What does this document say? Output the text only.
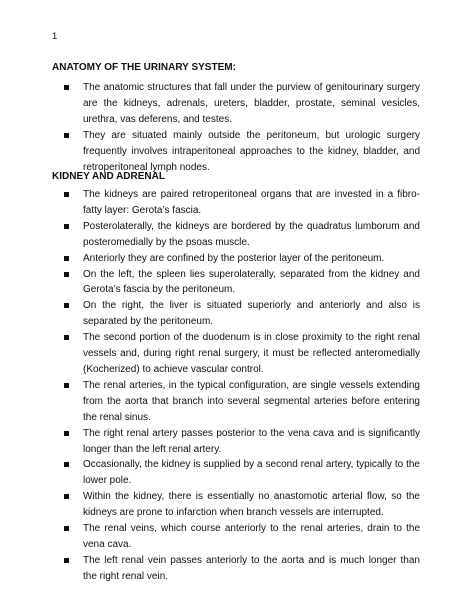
1
ANATOMY OF THE URINARY SYSTEM:
The anatomic structures that fall under the purview of genitourinary surgery are the kidneys, adrenals, ureters, bladder, prostate, seminal vesicles, urethra, vas deferens, and testes.
They are situated mainly outside the peritoneum, but urologic surgery frequently involves intraperitoneal approaches to the kidney, bladder, and retroperitoneal lymph nodes.
KIDNEY AND ADRENAL
The kidneys are paired retroperitoneal organs that are invested in a fibro-fatty layer: Gerota’s fascia.
Posterolaterally, the kidneys are bordered by the quadratus lumborum and posteromedially by the psoas muscle.
Anteriorly they are confined by the posterior layer of the peritoneum.
On the left, the spleen lies superolaterally, separated from the kidney and Gerota’s fascia by the peritoneum.
On the right, the liver is situated superiorly and anteriorly and also is separated by the peritoneum.
The second portion of the duodenum is in close proximity to the right renal vessels and, during right renal surgery, it must be reflected anteromedially (Kocherized) to achieve vascular control.
The renal arteries, in the typical configuration, are single vessels extending from the aorta that branch into several segmental arteries before entering the renal sinus.
The right renal artery passes posterior to the vena cava and is significantly longer than the left renal artery.
Occasionally, the kidney is supplied by a second renal artery, typically to the lower pole.
Within the kidney, there is essentially no anastomotic arterial flow, so the kidneys are prone to infarction when branch vessels are interrupted.
The renal veins, which course anteriorly to the renal arteries, drain to the vena cava.
The left renal vein passes anteriorly to the aorta and is much longer than the right renal vein.
